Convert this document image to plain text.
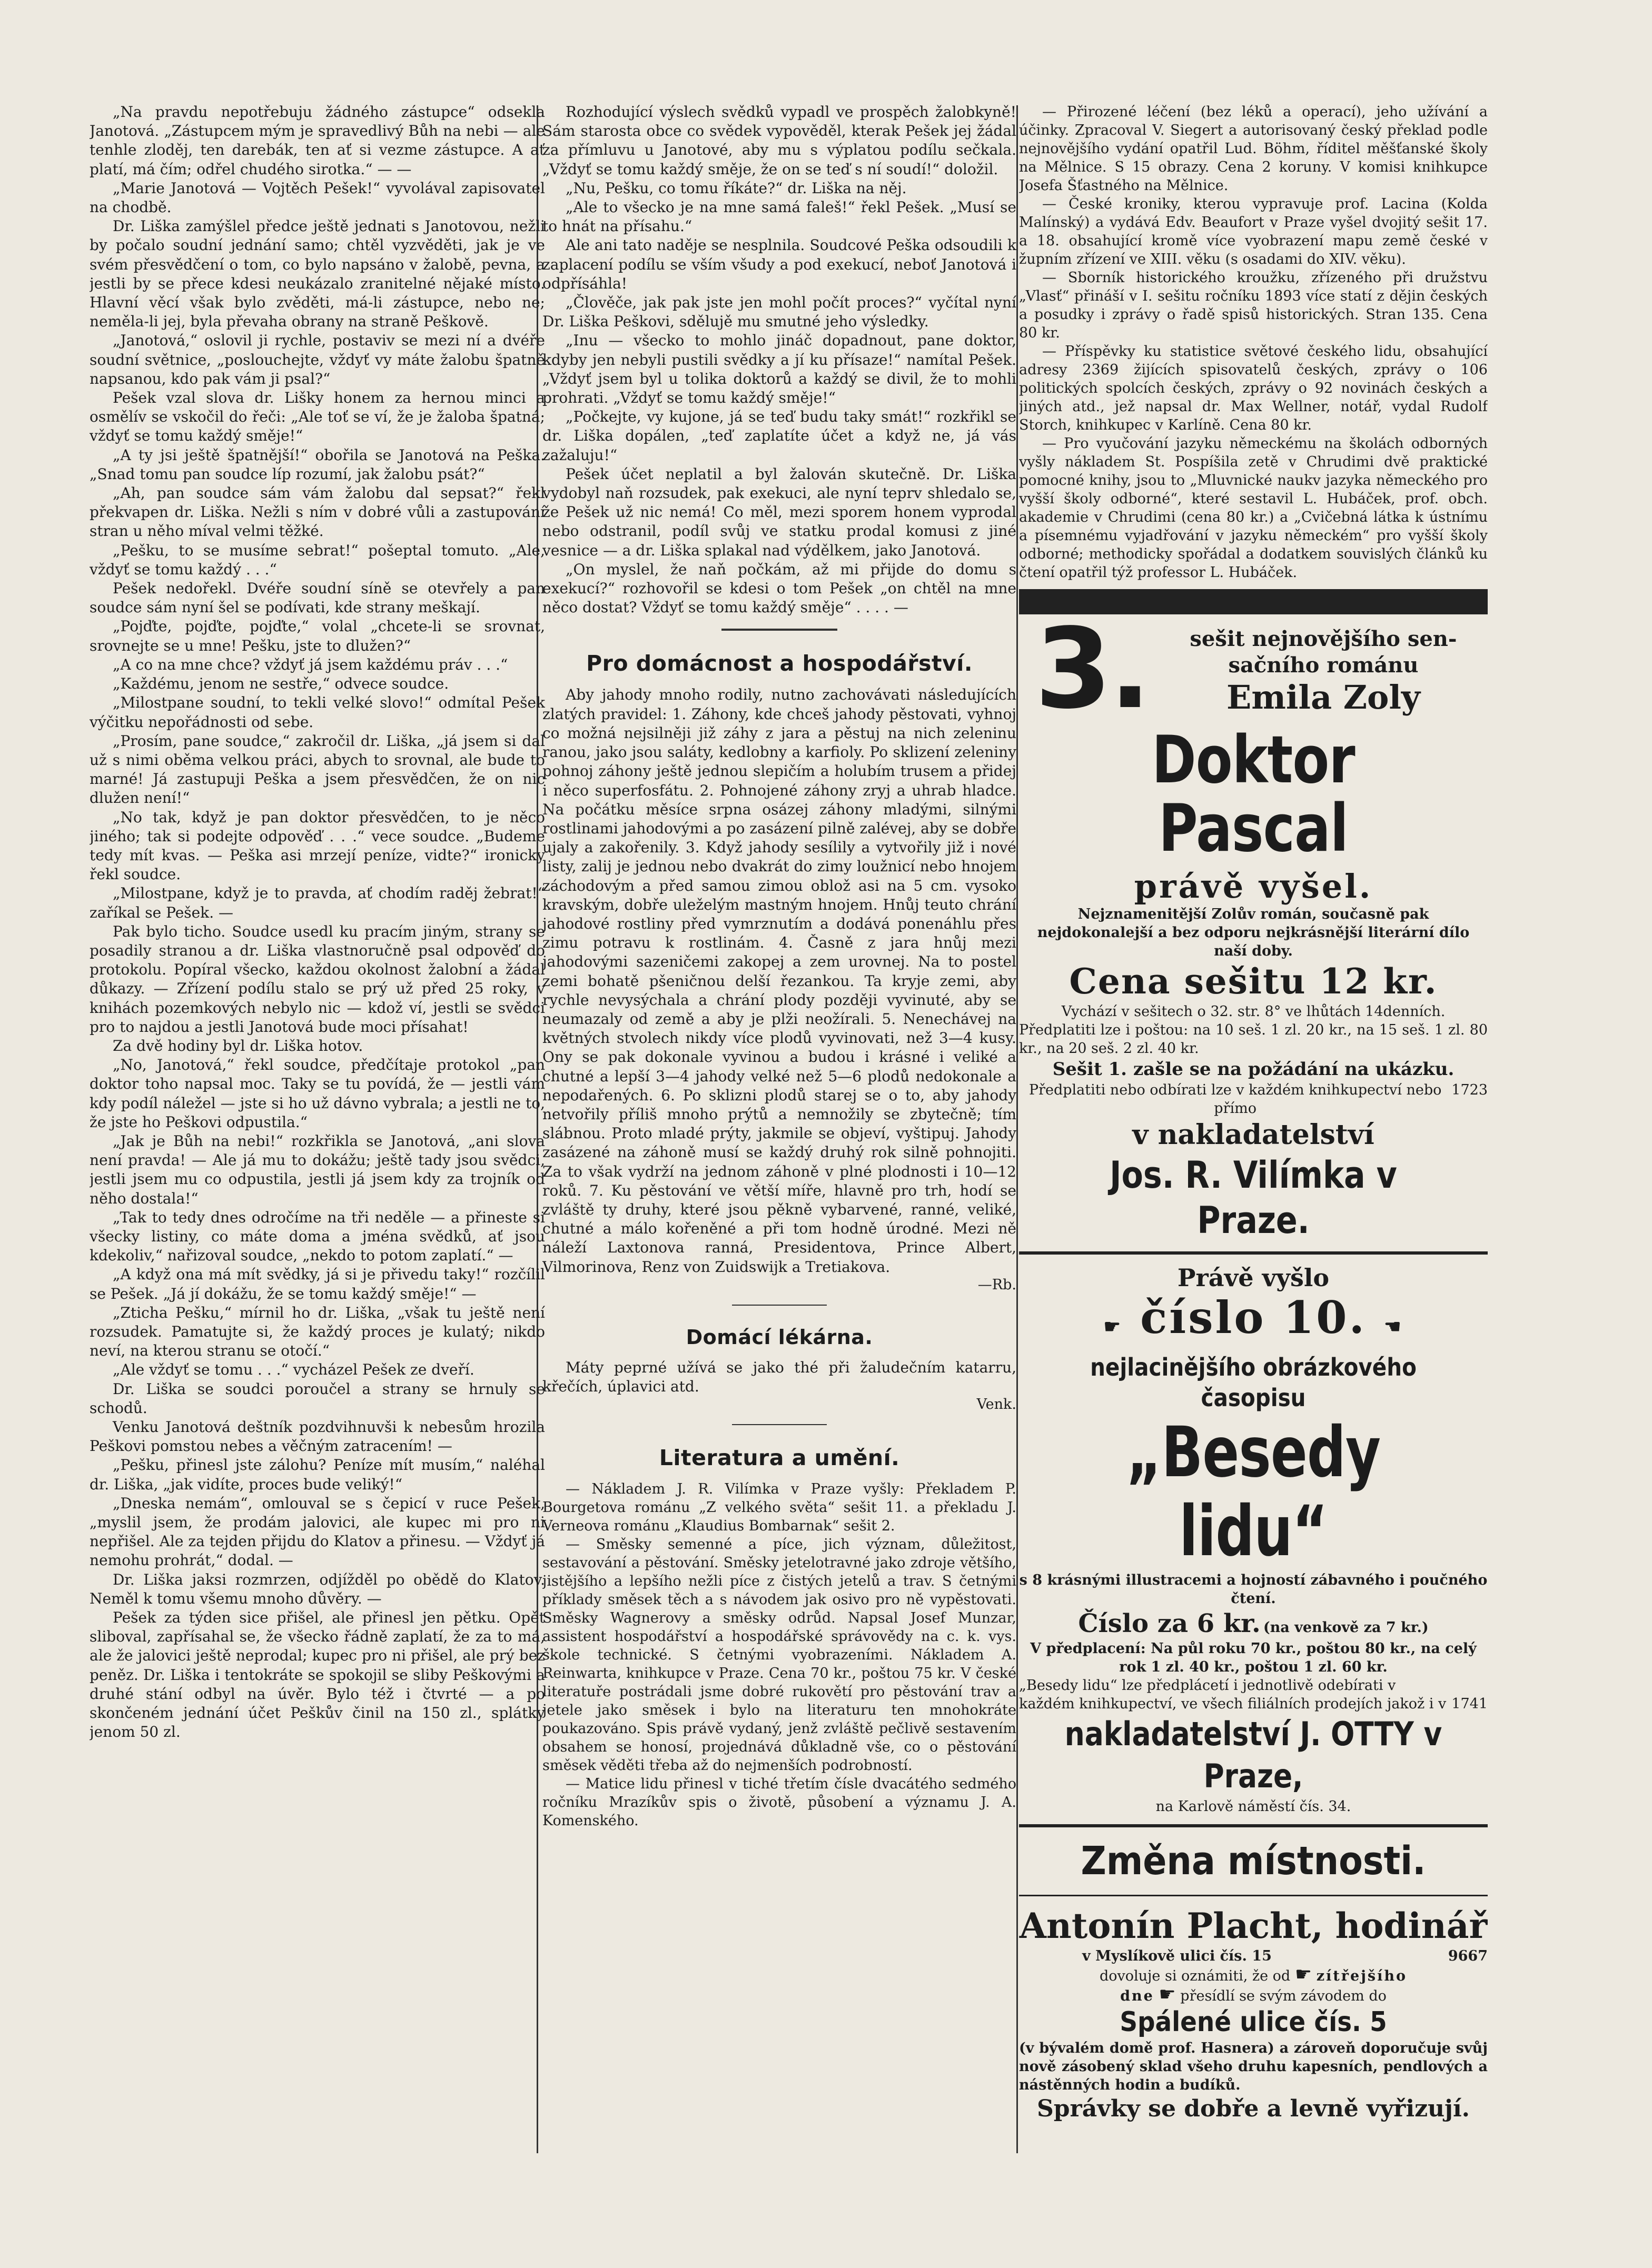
„Na pravdu nepotřebuju žádného zástupce“ odsekla Janotová. „Zástupcem mým je spravedlivý Bůh na nebi — ale tenhle zloděj, ten darebák, ten ať si vezme zástupce. A ať platí, má čím; odřel chudého sirotka.“ — —

„Marie Janotová — Vojtěch Pešek!“ vyvolával zapisovatel na chodbě.

Dr. Liška zamýšlel předce ještě jednati s Janotovou, nežli by počalo soudní jednání samo; chtěl vyzvěděti, jak je ve svém přesvědčení o tom, co bylo napsáno v žalobě, pevna, a jestli by se přece kdesi neukázalo zranitelné nějaké místo. Hlavní věcí však bylo zvěděti, má-li zástupce, nebo ne; neměla-li jej, byla převaha obrany na straně Peškově.

„Janotová,“ oslovil ji rychle, postaviv se mezi ní a dvéře soudní světnice, „poslouchejte, vždyť vy máte žalobu špatně napsanou, kdo pak vám ji psal?“

Pešek vzal slova dr. Lišky honem za hernou minci a osmělív se vskočil do řeči: „Ale toť se ví, že je žaloba špatná; vždyť se tomu každý směje!“

„A ty jsi ještě špatnější!“ obořila se Janotová na Peška. „Snad tomu pan soudce líp rozumí, jak žalobu psát?“

„Ah, pan soudce sám vám žalobu dal sepsat?“ řekl překvapen dr. Liška. Nežli s ním v dobré vůli a zastupování stran u něho míval velmi těžké.

„Pešku, to se musíme sebrat!“ pošeptal tomuto. „Ale, vždyť se tomu každý . . .“

Pešek nedořekl. Dvéře soudní síně se otevřely a pan soudce sám nyní šel se podívati, kde strany meškají.

„Pojďte, pojďte, pojďte,“ volal „chcete-li se srovnat, srovnejte se u mne! Pešku, jste to dlužen?“

„A co na mne chce? vždyť já jsem každému práv . . .“

„Každému, jenom ne sestře,“ odvece soudce.

„Milostpane soudní, to tekli velké slovo!“ odmítal Pešek výčitku nepořádnosti od sebe.

„Prosím, pane soudce,“ zakročil dr. Liška, „já jsem si dal už s nimi oběma velkou práci, abych to srovnal, ale bude to marné! Já zastupuji Peška a jsem přesvědčen, že on nic dlužen není!“

„No tak, když je pan doktor přesvědčen, to je něco jiného; tak si podejte odpověď . . .“ vece soudce. „Budeme tedy mít kvas. — Peška asi mrzejí peníze, vidte?“ ironicky řekl soudce.

„Milostpane, když je to pravda, ať chodím raděj žebrat!“ zaříkal se Pešek. —

Pak bylo ticho. Soudce usedl ku pracím jiným, strany se posadily stranou a dr. Liška vlastnoručně psal odpověď do protokolu. Popíral všecko, každou okolnost žalobní a žádal důkazy. — Zřízení podílu stalo se prý už před 25 roky, v knihách pozemkových nebylo nic — kdož ví, jestli se svědci pro to najdou a jestli Janotová bude moci přísahat!

Za dvě hodiny byl dr. Liška hotov.

„No, Janotová,“ řekl soudce, předčítaje protokol „pan doktor toho napsal moc. Taky se tu povídá, že — jestli vám kdy podíl náležel — jste si ho už dávno vybrala; a jestli ne to, že jste ho Peškovi odpustila.“

„Jak je Bůh na nebi!“ rozkřikla se Janotová, „ani slova není pravda! — Ale já mu to dokážu; ještě tady jsou svědci, jestli jsem mu co odpustila, jestli já jsem kdy za trojník od něho dostala!“

„Tak to tedy dnes odročíme na tři neděle — a přineste si všecky listiny, co máte doma a jména svědků, ať jsou kdekoliv,“ nařizoval soudce, „nekdo to potom zaplatí.“ —

„A když ona má mít svědky, já si je přivedu taky!“ rozčílil se Pešek. „Já jí dokážu, že se tomu každý směje!“ —

„Zticha Pešku,“ mírnil ho dr. Liška, „však tu ještě není rozsudek. Pamatujte si, že každý proces je kulatý; nikdo neví, na kterou stranu se otočí.“

„Ale vždyť se tomu . . .“ vycházel Pešek ze dveří.

Dr. Liška se soudci poroučel a strany se hrnuly se schodů.

Venku Janotová deštník pozdvihnuvši k nebesům hrozila Peškovi pomstou nebes a věčným zatracením! —

„Pešku, přinesl jste zálohu? Peníze mít musím,“ naléhal dr. Liška, „jak vidíte, proces bude veliký!“

„Dneska nemám“, omlouval se s čepicí v ruce Pešek, „myslil jsem, že prodám jalovici, ale kupec mi pro ni nepřišel. Ale za tejden přijdu do Klatov a přinesu. — Vždyť já nemohu prohrát,“ dodal. —

Dr. Liška jaksi rozmrzen, odjížděl po obědě do Klatov. Neměl k tomu všemu mnoho důvěry. —

Pešek za týden sice přišel, ale přinesl jen pětku. Opět sliboval, zapřísahal se, že všecko řádně zaplatí, že za to má, ale že jalovici ještě neprodal; kupec pro ni přišel, ale prý bez peněz. Dr. Liška i tentokráte se spokojil se sliby Peškovými a druhé stání odbyl na úvěr. Bylo též i čtvrté — a po skončeném jednání účet Peškův činil na 150 zl., splátky jenom 50 zl.

Rozhodující výslech svědků vypadl ve prospěch žalobkyně! Sám starosta obce co svědek vypověděl, kterak Pešek jej žádal za přímluvu u Janotové, aby mu s výplatou podílu sečkala. „Vždyť se tomu každý směje, že on se teď s ní soudí!“ doložil.

„Nu, Pešku, co tomu říkáte?“ dr. Liška na něj.

„Ale to všecko je na mne samá faleš!“ řekl Pešek. „Musí se to hnát na přísahu.“

Ale ani tato naděje se nesplnila. Soudcové Peška odsoudili k zaplacení podílu se vším všudy a pod exekucí, neboť Janotová i odpřísáhla!

„Člověče, jak pak jste jen mohl počít proces?“ vyčítal nyní Dr. Liška Peškovi, sdělujě mu smutné jeho výsledky.

„Inu — všecko to mohlo jináč dopadnout, pane doktor, kdyby jen nebyli pustili svědky a jí ku přísaze!“ namítal Pešek. „Vždyť jsem byl u tolika doktorů a každý se divil, že to mohli prohrati. „Vždyť se tomu každý směje!“

„Počkejte, vy kujone, já se teď budu taky smát!“ rozkřikl se dr. Liška dopálen, „teď zaplatíte účet a když ne, já vás zažaluju!“

Pešek účet neplatil a byl žalován skutečně. Dr. Liška vydobyl naň rozsudek, pak exekuci, ale nyní teprv shledalo se, že Pešek už nic nemá! Co měl, mezi sporem honem vyprodal nebo odstranil, podíl svůj ve statku prodal komusi z jiné vesnice — a dr. Liška splakal nad výdělkem, jako Janotová.

„On myslel, že naň počkám, až mi přijde do domu s exekucí?“ rozhovořil se kdesi o tom Pešek „on chtěl na mne něco dostat? Vždyť se tomu každý směje“ . . . . —

Pro domácnost a hospodářství.

Aby jahody mnoho rodily, nutno zachovávati následujících zlatých pravidel: 1. Záhony, kde chceš jahody pěstovati, vyhnoj co možná nejsilněji již záhy z jara a pěstuj na nich zeleninu ranou, jako jsou saláty, kedlobny a karfioly. Po sklizení zeleniny pohnoj záhony ještě jednou slepičím a holubím trusem a přidej i něco superfosfátu. 2. Pohnojené záhony zryj a uhrab hladce. Na počátku měsíce srpna osázej záhony mladými, silnými rostlinami jahodovými a po zasázení pilně zalévej, aby se dobře ujaly a zakořenily. 3. Když jahody sesílily a vytvořily již i nové listy, zalij je jednou nebo dvakrát do zimy loužnicí nebo hnojem záchodovým a před samou zimou oblož asi na 5 cm. vysoko kravským, dobře uleželým mastným hnojem. Hnůj teuto chrání jahodové rostliny před vymrznutím a dodává ponenáhlu přes zimu potravu k rostlinám. 4. Časně z jara hnůj mezi jahodovými sazeničemi zakopej a zem urovnej. Na to postel zemi bohatě pšeničnou delší řezankou. Ta kryje zemi, aby rychle nevysýchala a chrání plody později vyvinuté, aby se neumazaly od země a aby je plži neožírali. 5. Nenechávej na květných stvolech nikdy více plodů vyvinovati, než 3—4 kusy. Ony se pak dokonale vyvinou a budou i krásné i veliké a chutné a lepší 3—4 jahody velké než 5—6 plodů nedokonale a nepodařených. 6. Po sklizni plodů starej se o to, aby jahody netvořily příliš mnoho prýtů a nemnožily se zbytečně; tím slábnou. Proto mladé prýty, jakmile se objeví, vyštipuj. Jahody zasázené na záhoně musí se každý druhý rok silně pohnojiti. Za to však vydrží na jednom záhoně v plné plodnosti i 10—12 roků. 7. Ku pěstování ve větší míře, hlavně pro trh, hodí se zvláště ty druhy, které jsou pěkně vybarvené, ranné, veliké, chutné a málo kořeněné a při tom hodně úrodné. Mezi ně náleží Laxtonova ranná, Presidentova, Prince Albert, Vilmorinova, Renz von Zuidswijk a Tretiakova.

—Rb.
Domácí lékárna.

Máty peprné užívá se jako thé při žaludečním katarru, křečích, úplavici atd.

Venk.
Literatura a umění.

— Nákladem J. R. Vilímka v Praze vyšly: Překladem P. Bourgetova románu „Z velkého světa“ sešit 11. a překladu J. Verneova románu „Klaudius Bombarnak“ sešit 2.

— Směsky semenné a píce, jich význam, důležitost, sestavování a pěstování. Směsky jetelotravné jako zdroje většího, jistějšího a lepšího nežli píce z čistých jetelů a trav. S četnými příklady směsek těch a s návodem jak osivo pro ně vypěstovati. Směsky Wagnerovy a směsky odrůd. Napsal Josef Munzar, assistent hospodářství a hospodářské správovědy na c. k. vys. škole technické. S četnými vyobrazeními. Nákladem A. Reinwarta, knihkupce v Praze. Cena 70 kr., poštou 75 kr. V české literatuře postrádali jsme dobré rukovětí pro pěstování trav a jetele jako směsek i bylo na literaturu ten mnohokráte poukazováno. Spis právě vydaný, jenž zvláště pečlivě sestavením obsahem se honosí, projednává důkladně vše, co o pěstování směsek věděti třeba až do nejmenších podrobností.

— Matice lidu přinesl v tiché třetím čísle dvacátého sedmého ročníku Mrazíkův spis o životě, působení a významu J. A. Komenského.

— Přirozené léčení (bez léků a operací), jeho užívání a účinky. Zpracoval V. Siegert a autorisovaný český překlad podle nejnovějšího vydání opatřil Lud. Böhm, říditel měšťanské školy na Mělnice. S 15 obrazy. Cena 2 koruny. V komisi knihkupce Josefa Šťastného na Mělnice.

— České kroniky, kterou vypravuje prof. Lacina (Kolda Malínský) a vydává Edv. Beaufort v Praze vyšel dvojitý sešit 17. a 18. obsahující kromě více vyobrazení mapu země české v župním zřízení ve XIII. věku (s osadami do XIV. věku).

— Sborník historického kroužku, zřízeného při družstvu „Vlasť“ přináší v I. sešitu ročníku 1893 více statí z dějin českých a posudky i zprávy o řadě spisů historických. Stran 135. Cena 80 kr.

— Příspěvky ku statistice světové českého lidu, obsahující adresy 2369 žijících spisovatelů českých, zprávy o 106 politických spolcích českých, zprávy o 92 novinách českých a jiných atd., jež napsal dr. Max Wellner, notář, vydal Rudolf Storch, knihkupec v Karlíně. Cena 80 kr.

— Pro vyučování jazyku německému na školách odborných vyšly nákladem St. Pospíšila zetě v Chrudimi dvě praktické pomocné knihy, jsou to „Mluvnické naukv jazyka německého pro vyšší školy odborné“, které sestavil L. Hubáček, prof. obch. akademie v Chrudimi (cena 80 kr.) a „Cvičebná látka k ústnímu a písemnému vyjadřování v jazyku německém“ pro vyšší školy odborné; methodicky spořádal a dodatkem souvislých článků ku čtení opatřil týž professor L. Hubáček.

3.	sešit nejnovějšího sen-
sačního románu
Emila Zoly
Doktor Pascal
právě vyšel.
Nejznamenitější Zolův román, současně pak nejdokonalejší a bez odporu nejkrásnější literární dílo naší doby.
Cena sešitu 12 kr.
Vychází v sešitech o 32. str. 8° ve lhůtách 14denních.
Předplatiti lze i poštou: na 10 seš. 1 zl. 20 kr., na 15 seš. 1 zl. 80 kr., na 20 seš. 2 zl. 40 kr.
Sešit 1. zašle se na požádání na ukázku.
Předplatiti nebo odbírati lze v každém knihkupectví nebo přímo
1723
v nakladatelství
Jos. R. Vilímka v Praze.
Právě vyšlo
☛ číslo 10. ☚
nejlacinějšího obrázkového časopisu
„Besedy lidu“
s 8 krásnými illustracemi a hojností zábavného i poučného čtení.
Číslo za 6 kr. (na venkově za 7 kr.)
V předplacení: Na půl roku 70 kr., poštou 80 kr., na celý rok 1 zl. 40 kr., poštou 1 zl. 60 kr.
„Besedy lidu“ lze předplácetí i jednotlivě odebírati v každém knihkupectví, ve všech filiálních prodejích jakož i v 1741
nakladatelství J. OTTY v Praze,
na Karlově náměstí čís. 34.
Změna místnosti.
Antonín Placht, hodinář
v Myslíkově ulici čís. 15	9667
dovoluje si oznámiti, že od ☛ zítřejšího
dne ☛ přesídlí se svým závodem do
Spálené ulice čís. 5
(v bývalém domě prof. Hasnera) a zároveň doporučuje svůj nově zásobený sklad všeho druhu kapesních, pendlových a nástěnných hodin a budíků.
Správky se dobře a levně vyřizují.
